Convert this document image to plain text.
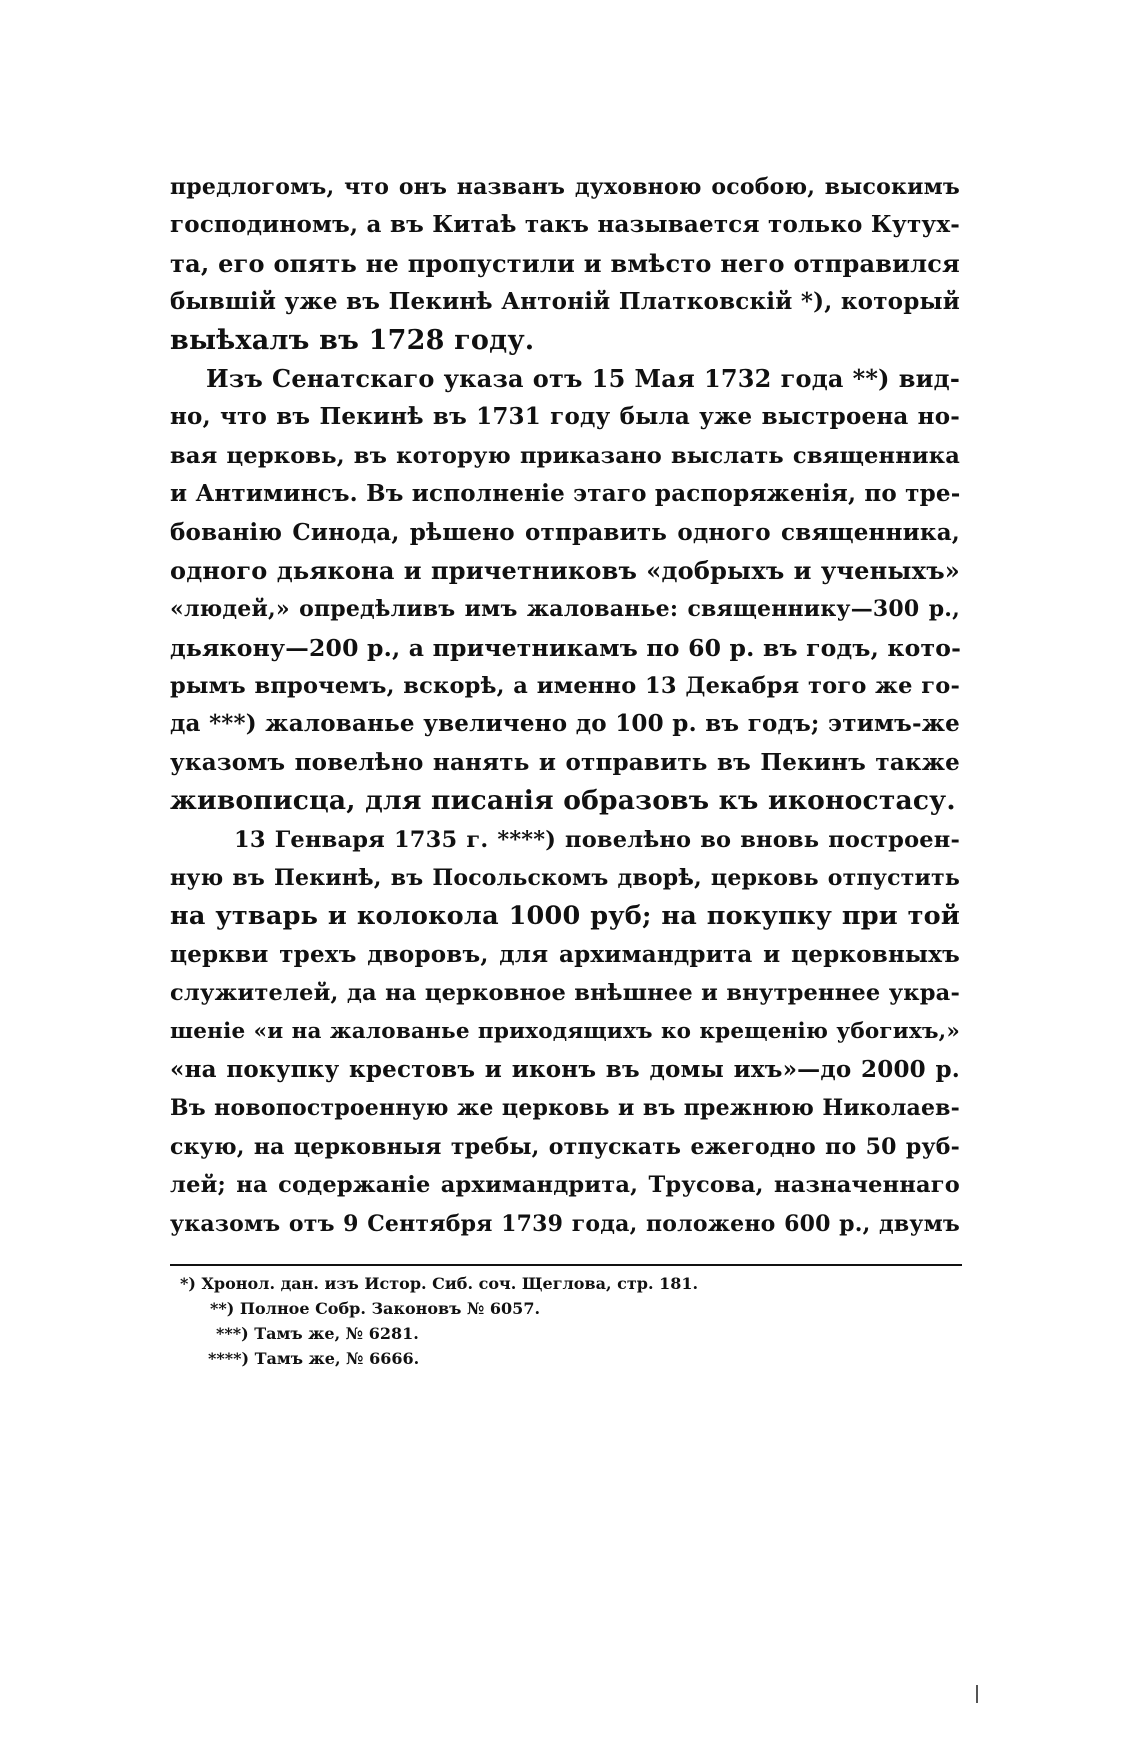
предлогомъ, что онъ названъ духовною особою, высокимъ
господиномъ, а въ Китаѣ такъ называется только Кутух-
та, его опять не пропустили и вмѣсто него отправился
бывшій уже въ Пекинѣ Антоній Платковскій *), который
выѣхалъ въ 1728 году.
Изъ Сенатскаго указа отъ 15 Мая 1732 года **) вид-
но, что въ Пекинѣ въ 1731 году была уже выстроена но-
вая церковь, въ которую приказано выслать священника
и Антиминсъ. Въ исполненіе этаго распоряженія, по тре-
бованію Синода, рѣшено отправить одного священника,
одного дьякона и причетниковъ «добрыхъ и ученыхъ»
«людей,» опредѣливъ имъ жалованье: священнику—300 р.,
дьякону—200 р., а причетникамъ по 60 р. въ годъ, кото-
рымъ впрочемъ, вскорѣ, а именно 13 Декабря того же го-
да ***) жалованье увеличено до 100 р. въ годъ; этимъ-же
указомъ повелѣно нанять и отправить въ Пекинъ также
живописца, для писанія образовъ къ иконостасу.
13 Генваря 1735 г. ****) повелѣно во вновь построен-
ную въ Пекинѣ, въ Посольскомъ дворѣ, церковь отпустить
на утварь и колокола 1000 руб; на покупку при той
церкви трехъ дворовъ, для архимандрита и церковныхъ
служителей, да на церковное внѣшнее и внутреннее укра-
шеніе «и на жалованье приходящихъ ко крещенію убогихъ,»
«на покупку крестовъ и иконъ въ домы ихъ»—до 2000 р.
Въ новопостроенную же церковь и въ прежнюю Николаев-
скую, на церковныя требы, отпускать ежегодно по 50 руб-
лей; на содержаніе архимандрита, Трусова, назначеннаго
указомъ отъ 9 Сентября 1739 года, положено 600 р., двумъ
*) Хронол. дан. изъ Истор. Сиб. соч. Щеглова, стр. 181.
**) Полное Собр. Законовъ № 6057.
***) Тамъ же, № 6281.
****) Тамъ же, № 6666.
